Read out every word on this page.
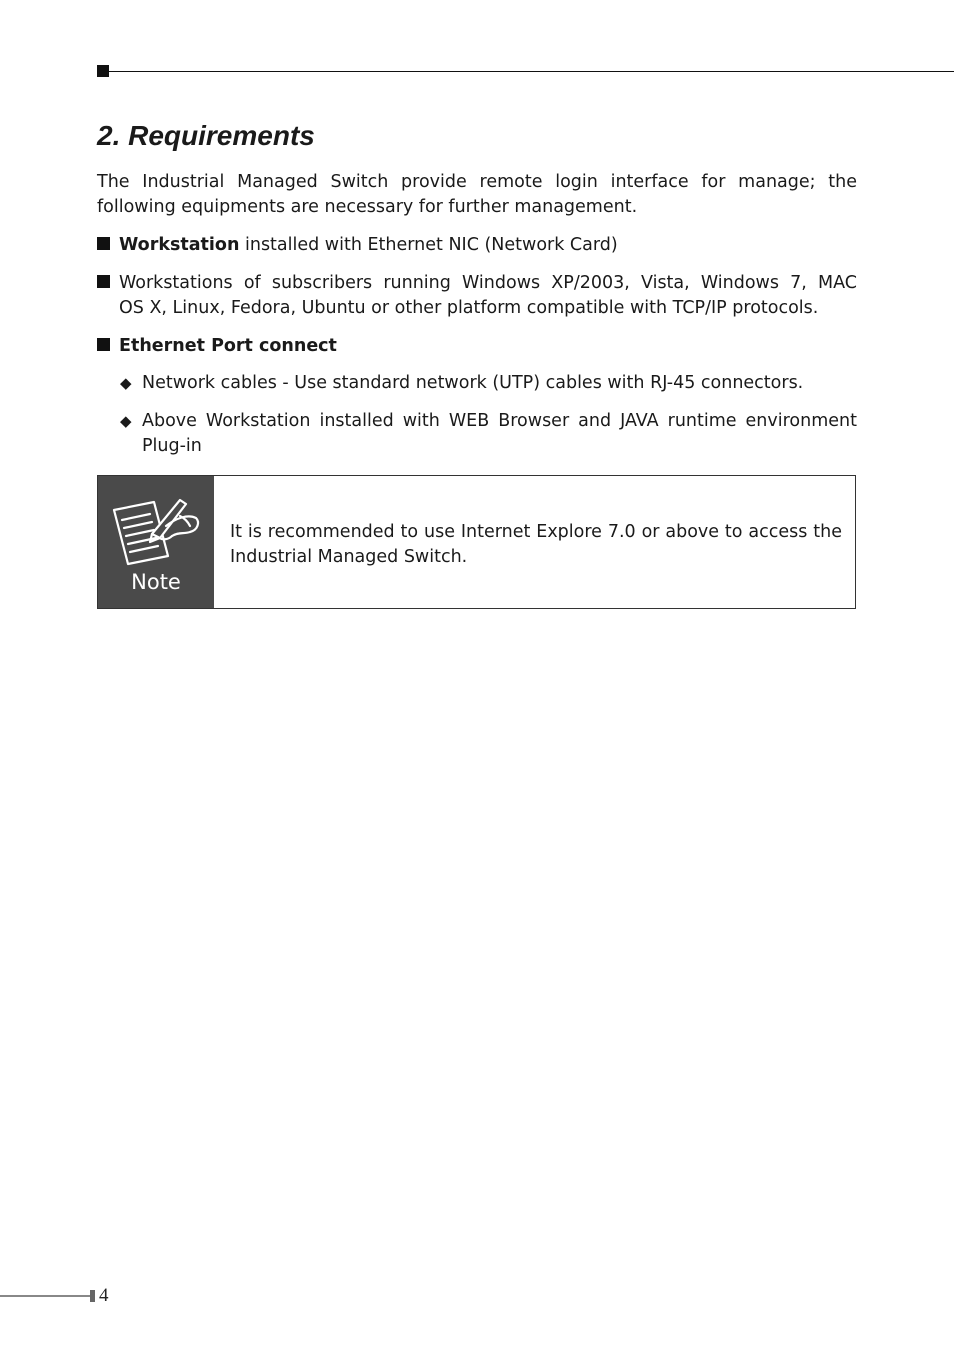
2. Requirements
The Industrial Managed Switch provide remote login interface for manage; the following equipments are necessary for further management.
Workstation installed with Ethernet NIC (Network Card)
Workstations of subscribers running Windows XP/2003, Vista, Windows 7, MAC
OS X, Linux, Fedora, Ubuntu or other platform compatible with TCP/IP protocols.
Ethernet Port connect
◆ Network cables - Use standard network (UTP) cables with RJ-45 connectors.
◆ Above Workstation installed with WEB Browser and JAVA runtime environment
Plug-in
Note
It is recommended to use Internet Explore 7.0 or above to access the Industrial Managed Switch.
4
